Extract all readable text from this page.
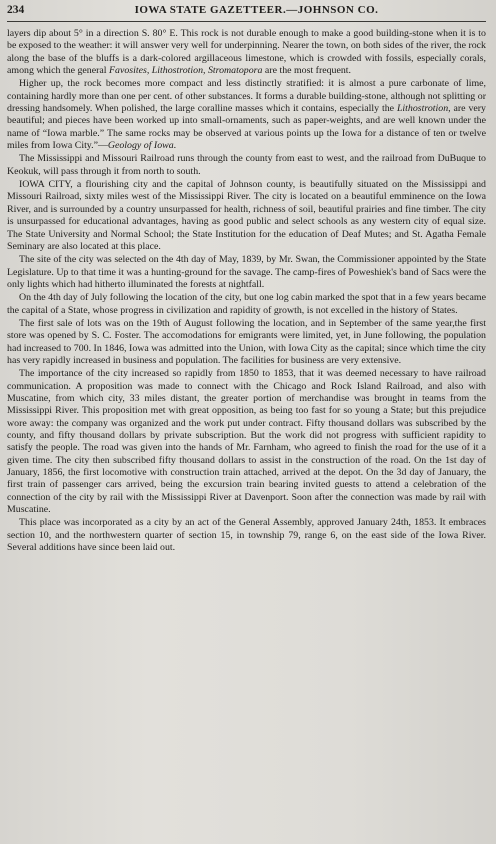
234	IOWA STATE GAZETTEER.—JOHNSON CO.

layers dip about 5° in a direction S. 80° E. This rock is not durable enough to make a good building-stone when it is to be exposed to the weather: it will answer very well for underpinning. Nearer the town, on both sides of the river, the rock along the base of the bluffs is a dark-colored argillaceous limestone, which is crowded with fossils, especially corals, among which the general Favosites, Lithostrotion, Stromatopora are the most frequent.

Higher up, the rock becomes more compact and less distinctly stratified: it is almost a pure carbonate of lime, containing hardly more than one per cent. of other substances. It forms a durable building-stone, although not splitting or dressing handsomely. When polished, the large coralline masses which it contains, especially the Lithostrotion, are very beautiful; and pieces have been worked up into small-ornaments, such as paper-weights, and are well known under the name of “Iowa marble.” The same rocks may be observed at various points up the Iowa for a distance of ten or twelve miles from Iowa City.”—Geology of Iowa.

The Mississippi and Missouri Railroad runs through the county from east to west, and the railroad from DuBuque to Keokuk, will pass through it from north to south.

IOWA CITY, a flourishing city and the capital of Johnson county, is beautifully situated on the Mississippi and Missouri Railroad, sixty miles west of the Mississippi River. The city is located on a beautiful emminence on the Iowa River, and is surrounded by a country unsurpassed for health, richness of soil, beautiful prairies and fine timber. The city is unsurpassed for educational advantages, having as good public and select schools as any western city of equal size. The State University and Normal School; the State Institution for the education of Deaf Mutes; and St. Agatha Female Seminary are also located at this place.

The site of the city was selected on the 4th day of May, 1839, by Mr. Swan, the Commissioner appointed by the State Legislature. Up to that time it was a hunting-ground for the savage. The camp-fires of Poweshiek's band of Sacs were the only lights which had hitherto illuminated the forests at nightfall.

On the 4th day of July following the location of the city, but one log cabin marked the spot that in a few years became the capital of a State, whose progress in civilization and rapidity of growth, is not excelled in the history of States.

The first sale of lots was on the 19th of August following the location, and in September of the same year,the first store was opened by S. C. Foster. The accomodations for emigrants were limited, yet, in June following, the population had increased to 700. In 1846, Iowa was admitted into the Union, with Iowa City as the capital; since which time the city has very rapidly increased in business and population. The facilities for business are very extensive.

The importance of the city increased so rapidly from 1850 to 1853, that it was deemed necessary to have railroad communication. A proposition was made to connect with the Chicago and Rock Island Railroad, and also with Muscatine, from which city, 33 miles distant, the greater portion of merchandise was brought in teams from the Mississippi River. This proposition met with great opposition, as being too fast for so young a State; but this prejudice wore away: the company was organized and the work put under contract. Fifty thousand dollars was subscribed by the county, and fifty thousand dollars by private subscription. But the work did not progress with sufficient rapidity to satisfy the people. The road was given into the hands of Mr. Farnham, who agreed to finish the road for the use of it a given time. The city then subscribed fifty thousand dollars to assist in the construction of the road. On the 1st day of January, 1856, the first locomotive with construction train attached, arrived at the depot. On the 3d day of January, the first train of passenger cars arrived, being the excursion train bearing invited guests to attend a celebration of the connection of the city by rail with the Mississippi River at Davenport. Soon after the connection was made by rail with Muscatine.

This place was incorporated as a city by an act of the General Assembly, approved January 24th, 1853. It embraces section 10, and the northwestern quarter of section 15, in township 79, range 6, on the east side of the Iowa River. Several additions have since been laid out.
